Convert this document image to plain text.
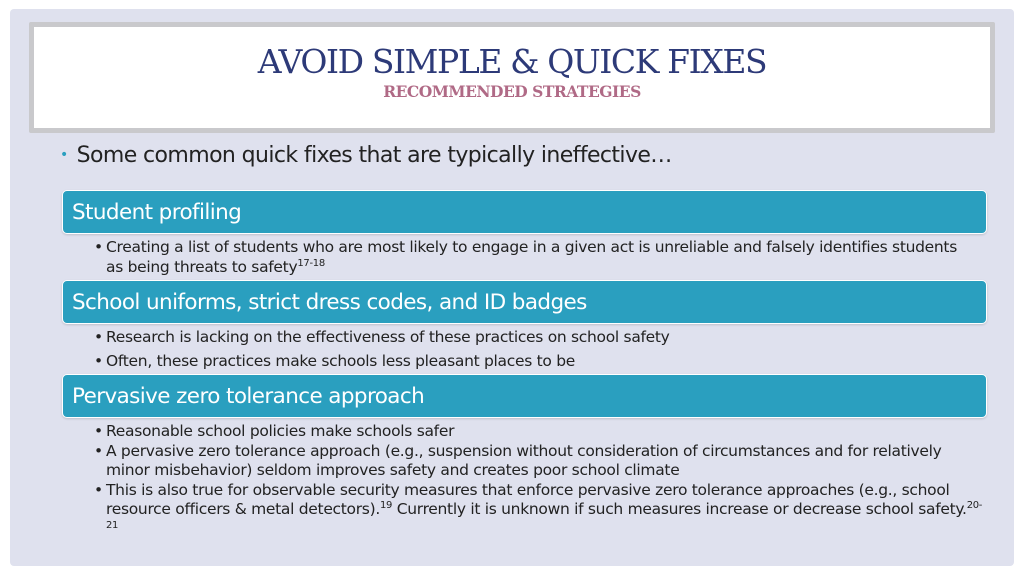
AVOID SIMPLE & QUICK FIXES
RECOMMENDED STRATEGIES
• Some common quick fixes that are typically ineffective…
Student profiling
• Creating a list of students who are most likely to engage in a given act is unreliable and falsely identifies students as being threats to safety$^{17-18}$
School uniforms, strict dress codes, and ID badges
• Research is lacking on the effectiveness of these practices on school safety
• Often, these practices make schools less pleasant places to be
Pervasive zero tolerance approach
• Reasonable school policies make schools safer
• A pervasive zero tolerance approach (e.g., suspension without consideration of circumstances and for relatively minor misbehavior) seldom improves safety and creates poor school climate
• This is also true for observable security measures that enforce pervasive zero tolerance approaches (e.g., school resource officers & metal detectors).$^{19}$ Currently it is unknown if such measures increase or decrease school safety.$^{20-21}$
